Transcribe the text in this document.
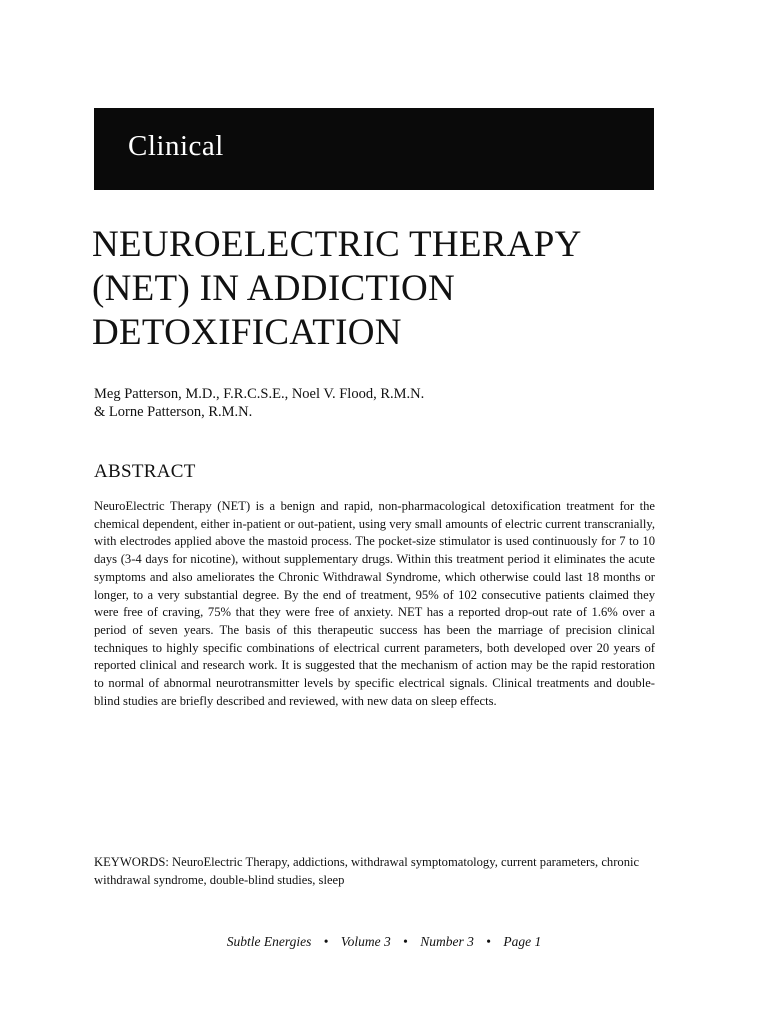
Clinical
NEUROELECTRIC THERAPY
(NET) IN ADDICTION
DETOXIFICATION
Meg Patterson, M.D., F.R.C.S.E., Noel V. Flood, R.M.N.
& Lorne Patterson, R.M.N.
ABSTRACT

NeuroElectric Therapy (NET) is a benign and rapid, non-pharmacological detoxification treatment for the chemical dependent, either in-patient or out-patient, using very small amounts of electric current transcranially, with electrodes applied above the mastoid process. The pocket-size stimulator is used continuously for 7 to 10 days (3-4 days for nicotine), without supplementary drugs. Within this treatment period it eliminates the acute symptoms and also ameliorates the Chronic Withdrawal Syndrome, which otherwise could last 18 months or longer, to a very substantial degree. By the end of treatment, 95% of 102 consecutive patients claimed they were free of craving, 75% that they were free of anxiety. NET has a reported drop-out rate of 1.6% over a period of seven years. The basis of this therapeutic success has been the marriage of precision clinical techniques to highly specific combinations of electrical current parameters, both developed over 20 years of reported clinical and research work. It is suggested that the mechanism of action may be the rapid restoration to normal of abnormal neurotransmitter levels by specific electrical signals. Clinical treatments and double-blind studies are briefly described and reviewed, with new data on sleep effects.

KEYWORDS: NeuroElectric Therapy, addictions, withdrawal symptomatology, current parameters, chronic withdrawal syndrome, double-blind studies, sleep

Subtle Energies • Volume 3 • Number 3 • Page 1
